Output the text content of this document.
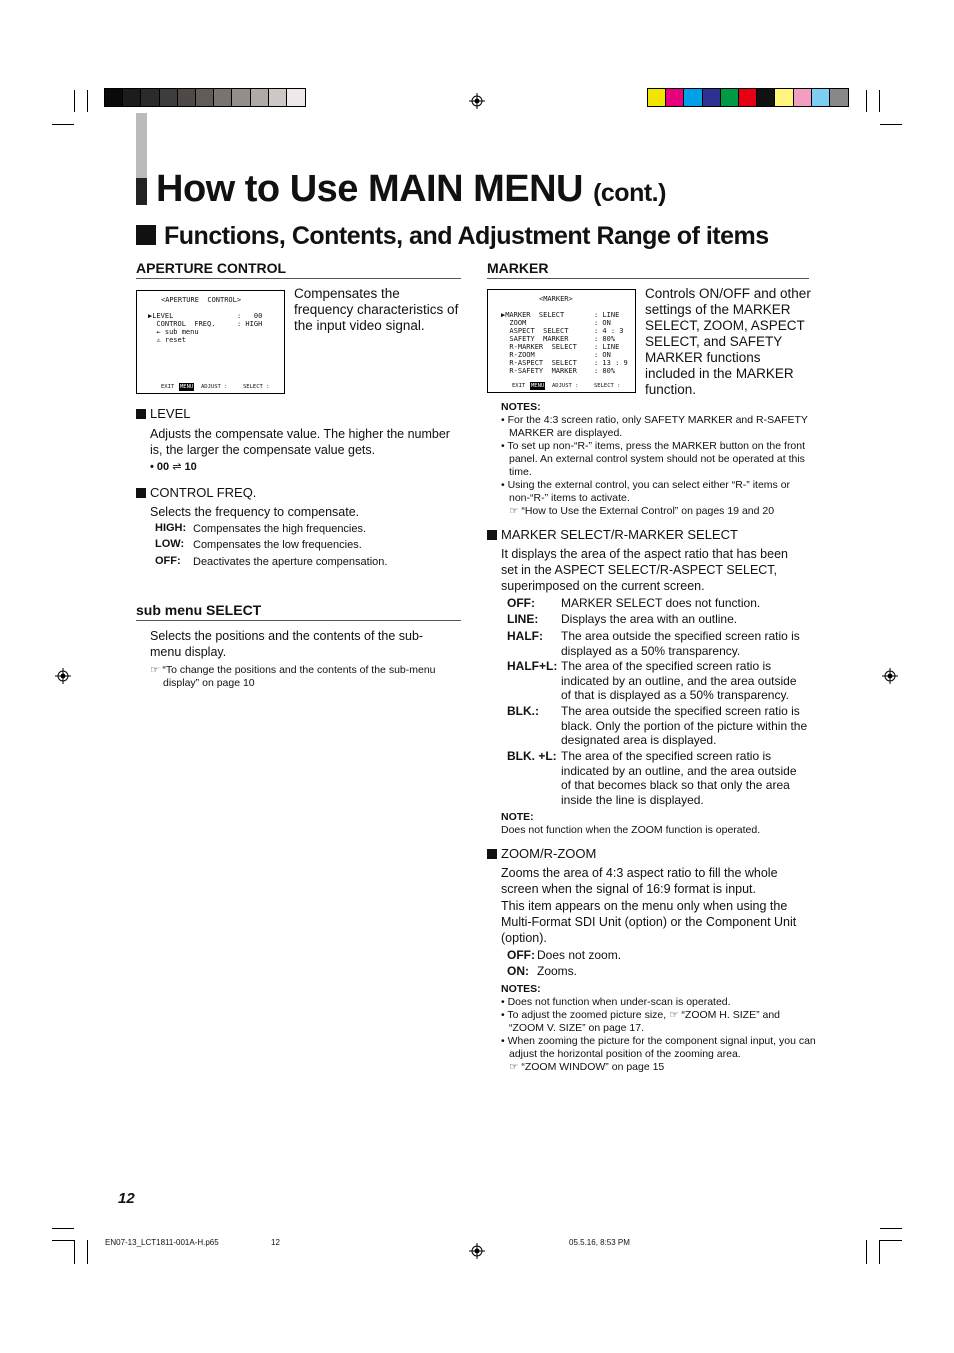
How to Use MAIN MENU (cont.)
Functions, Contents, and Adjustment Range of items
APERTURE CONTROL
<APERTURE  CONTROL>
▶LEVEL	:   00
CONTROL  FREQ.	: HIGH
← sub menu
⚠ reset
EXIT MENU ADJUST :	SELECT :
Compensates the frequency characteristics of the input video signal.
LEVEL
Adjusts the compensate value. The higher the number is, the larger the compensate value gets.
• 00 ⇌ 10
CONTROL FREQ.
Selects the frequency to compensate.
HIGH: Compensates the high frequencies.
LOW: Compensates the low frequencies.
OFF: Deactivates the aperture compensation.
sub menu SELECT
Selects the positions and the contents of the sub-menu display.
☞ “To change the positions and the contents of the sub-menu display” on page 10
MARKER
<MARKER>
▶MARKER  SELECT	: LINE
ZOOM	: ON
ASPECT  SELECT	: 4 : 3
SAFETY  MARKER	: 80%
R-MARKER  SELECT : LINE
R-ZOOM	: ON
R-ASPECT  SELECT : 13 : 9
R-SAFETY  MARKER : 80%
EXIT MENU ADJUST :	SELECT :
Controls ON/OFF and other settings of the MARKER SELECT, ZOOM, ASPECT SELECT, and SAFETY MARKER functions included in the MARKER function.
NOTES:
• For the 4:3 screen ratio, only SAFETY MARKER and R-SAFETY MARKER are displayed.
• To set up non-“R-” items, press the MARKER button on the front panel. An external control system should not be operated at this time.
• Using the external control, you can select either “R-” items or non-“R-” items to activate.
☞ “How to Use the External Control” on pages 19 and 20
MARKER SELECT/R-MARKER SELECT
It displays the area of the aspect ratio that has been set in the ASPECT SELECT/R-ASPECT SELECT, superimposed on the current screen.
OFF: MARKER SELECT does not function.
LINE: Displays the area with an outline.
HALF: The area outside the specified screen ratio is displayed as a 50% transparency.
HALF+L: The area of the specified screen ratio is indicated by an outline, and the area outside of that is displayed as a 50% transparency.
BLK.: The area outside the specified screen ratio is black. Only the portion of the picture within the designated area is displayed.
BLK. +L: The area of the specified screen ratio is indicated by an outline, and the area outside of that becomes black so that only the area inside the line is displayed.
NOTE:
Does not function when the ZOOM function is operated.
ZOOM/R-ZOOM
Zooms the area of 4:3 aspect ratio to fill the whole screen when the signal of 16:9 format is input.
This item appears on the menu only when using the Multi-Format SDI Unit (option) or the Component Unit (option).
OFF: Does not zoom.
ON: Zooms.
NOTES:
• Does not function when under-scan is operated.
• To adjust the zoomed picture size, ☞ “ZOOM H. SIZE” and “ZOOM V. SIZE” on page 17.
• When zooming the picture for the component signal input, you can adjust the horizontal position of the zooming area.
☞ “ZOOM WINDOW” on page 15
12
EN07-13_LCT1811-001A-H.p65	12	05.5.16, 8:53 PM
